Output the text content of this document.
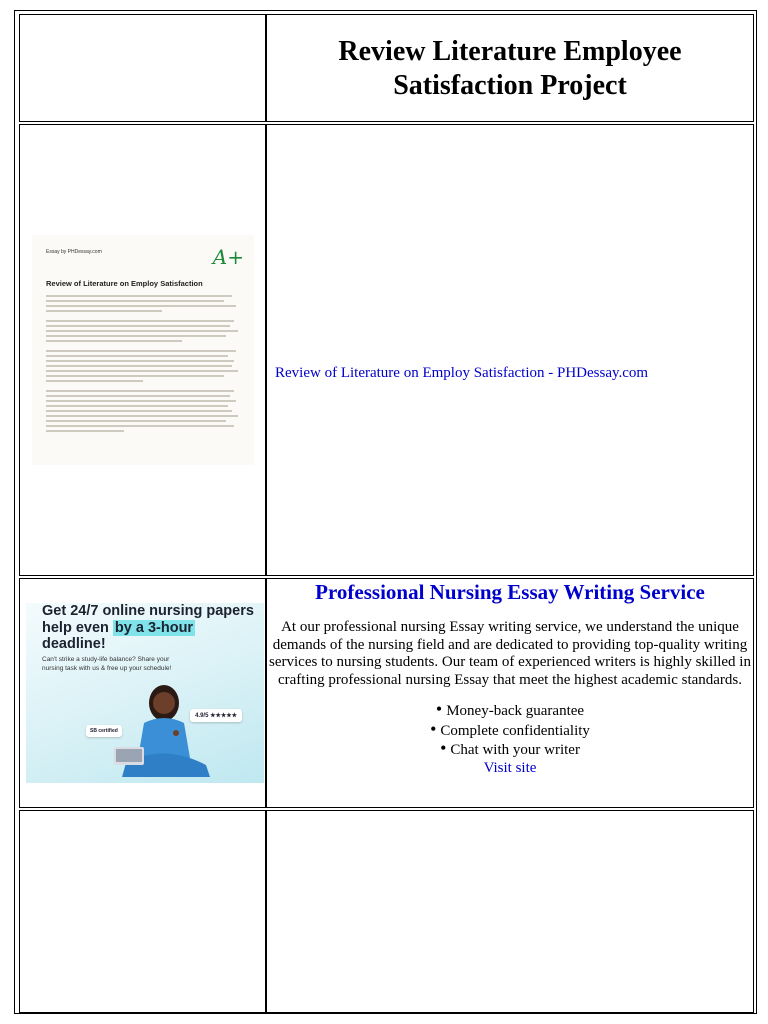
Review Literature Employee Satisfaction Project
Essay by PHDessay.com	A+
Review of Literature on Employ Satisfaction
Review of Literature on Employ Satisfaction - PHDessay.com
Get 24/7 online nursing papers
help even by a 3-hour
deadline!
Can't strike a study-life balance? Share your
nursing task with us & free up your schedule!
SB certified
4.9/5 ★★★★★
Professional Nursing Essay Writing Service

At our professional nursing Essay writing service, we understand the unique demands of the nursing field and are dedicated to providing top-quality writing services to nursing students. Our team of experienced writers is highly skilled in crafting professional nursing Essay that meet the highest academic standards.

• Money-back guarantee
• Complete confidentiality
• Chat with your writer
Visit site
